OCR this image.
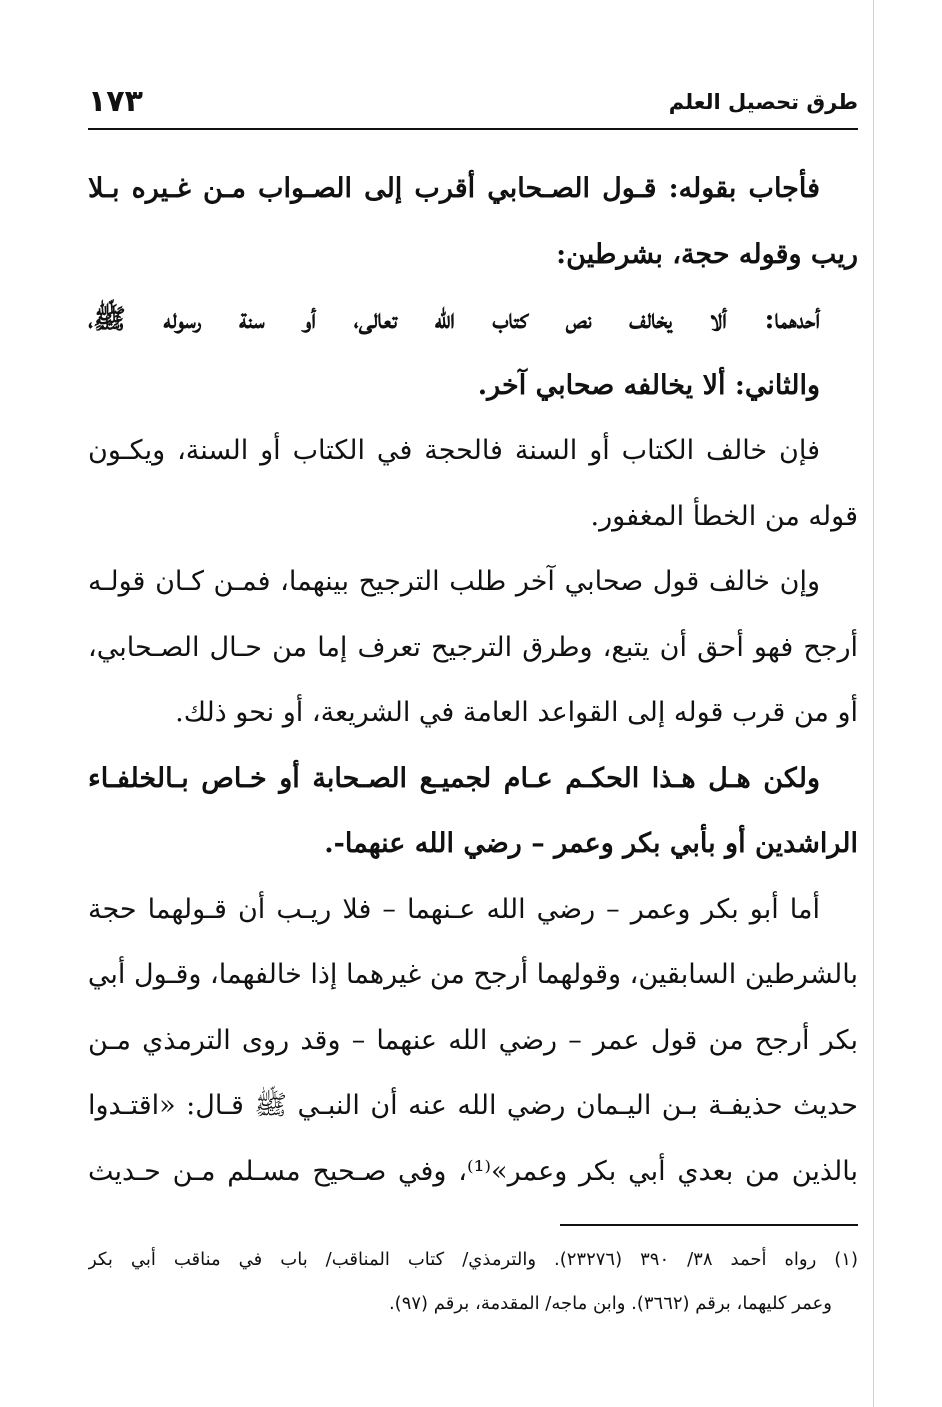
طرق تحصيل العلم
١٧٣
فأجاب بقوله: قـول الصـحابي أقرب إلى الصـواب مـن غـيره بـلا
ريب وقوله حجة، بشرطين:
أحدهما: ألا يخالف نص كتاب الله تعالى، أو سنة رسوله ﷺ،
والثاني: ألا يخالفه صحابي آخر.
فإن خالف الكتاب أو السنة فالحجة في الكتاب أو السنة، ويكـون
قوله من الخطأ المغفور.
وإن خالف قول صحابي آخر طلب الترجيح بينهما، فمـن كـان قولـه
أرجح فهو أحق أن يتبع، وطرق الترجيح تعرف إما من حـال الصـحابي،
أو من قرب قوله إلى القواعد العامة في الشريعة، أو نحو ذلك.
ولكن هـل هـذا الحكـم عـام لجميـع الصـحابة أو خـاص بـالخلفـاء
الراشدين أو بأبي بكر وعمر – رضي الله عنهما-.
أما أبو بكر وعمر – رضي الله عـنهما – فلا ريـب أن قـولهما حجة
بالشرطين السابقين، وقولهما أرجح من غيرهما إذا خالفهما، وقـول أبي
بكر أرجح من قول عمر – رضي الله عنهما – وقد روى الترمذي مـن
حديث حذيفـة بـن اليـمان رضي الله عنه أن النبـي ﷺ قـال: «اقتـدوا
بالذين من بعدي أبي بكر وعمر»⁽¹⁾، وفي صـحيح مسـلم مـن حـديث
(١) رواه أحمد ٣٨/ ٣٩٠ (٢٣٢٧٦). والترمذي/ كتاب المناقب/ باب في مناقب أبي بكر
وعمر كليهما، برقم (٣٦٦٢). وابن ماجه/ المقدمة، برقم (٩٧).
